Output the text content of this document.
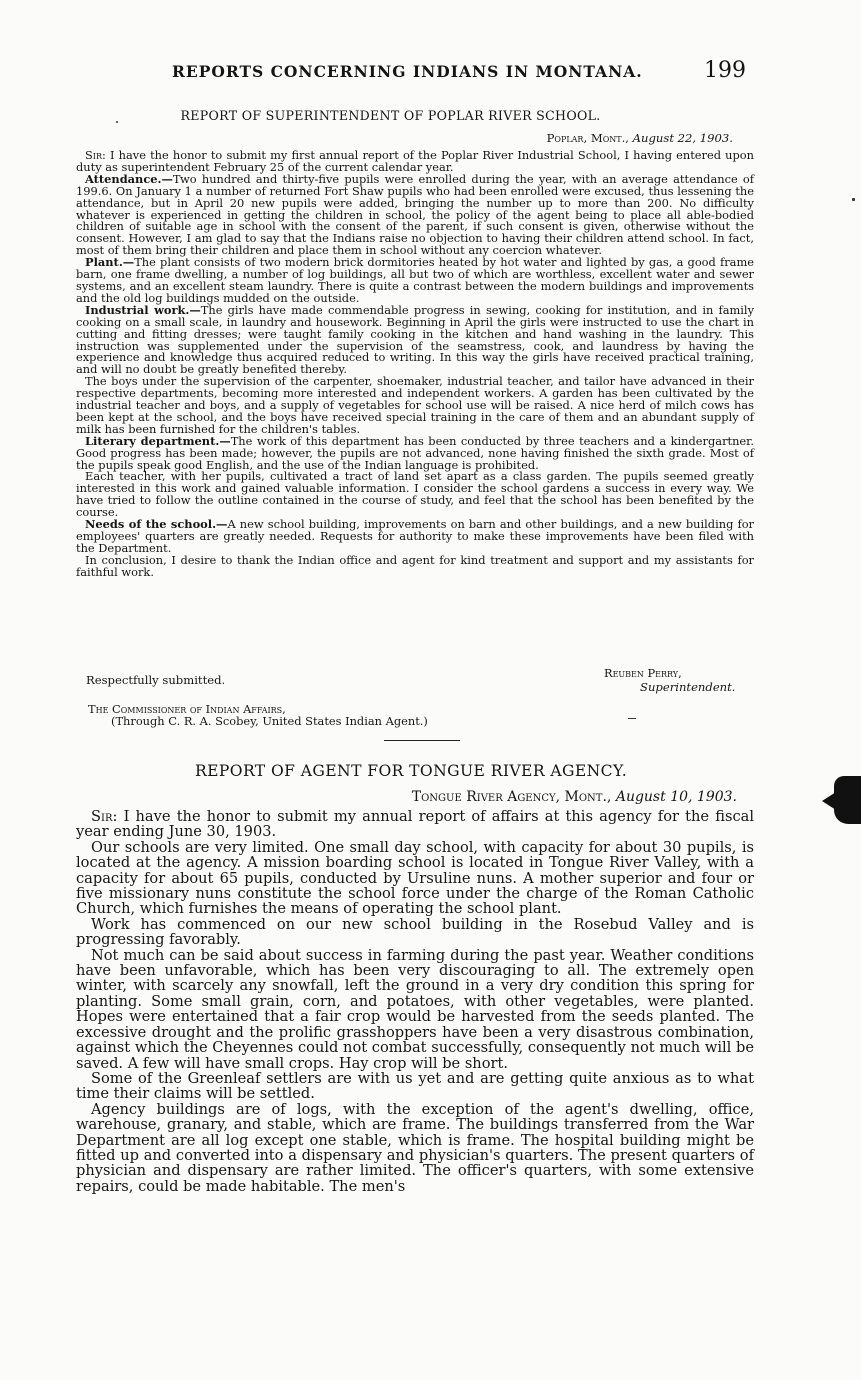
REPORTS CONCERNING INDIANS IN MONTANA.	199
REPORT OF SUPERINTENDENT OF POPLAR RIVER SCHOOL.
Poplar, Mont., August 22, 1903.

Sir: I have the honor to submit my first annual report of the Poplar River Industrial School, I having entered upon duty as superintendent February 25 of the current calendar year.

Attendance.—Two hundred and thirty-five pupils were enrolled during the year, with an average attendance of 199.6. On January 1 a number of returned Fort Shaw pupils who had been enrolled were excused, thus lessening the attendance, but in April 20 new pupils were added, bringing the number up to more than 200. No difficulty whatever is experienced in getting the children in school, the policy of the agent being to place all able-bodied children of suitable age in school with the consent of the parent, if such consent is given, otherwise without the consent. However, I am glad to say that the Indians raise no objection to having their children attend school. In fact, most of them bring their children and place them in school without any coercion whatever.

Plant.—The plant consists of two modern brick dormitories heated by hot water and lighted by gas, a good frame barn, one frame dwelling, a number of log buildings, all but two of which are worthless, excellent water and sewer systems, and an excellent steam laundry. There is quite a contrast between the modern buildings and improvements and the old log buildings mudded on the outside.

Industrial work.—The girls have made commendable progress in sewing, cooking for institution, and in family cooking on a small scale, in laundry and housework. Beginning in April the girls were instructed to use the chart in cutting and fitting dresses; were taught family cooking in the kitchen and hand washing in the laundry. This instruction was supplemented under the supervision of the seamstress, cook, and laundress by having the experience and knowledge thus acquired reduced to writing. In this way the girls have received practical training, and will no doubt be greatly benefited thereby.

The boys under the supervision of the carpenter, shoemaker, industrial teacher, and tailor have advanced in their respective departments, becoming more interested and independent workers. A garden has been cultivated by the industrial teacher and boys, and a supply of vegetables for school use will be raised. A nice herd of milch cows has been kept at the school, and the boys have received special training in the care of them and an abundant supply of milk has been furnished for the children's tables.

Literary department.—The work of this department has been conducted by three teachers and a kindergartner. Good progress has been made; however, the pupils are not advanced, none having finished the sixth grade. Most of the pupils speak good English, and the use of the Indian language is prohibited.

Each teacher, with her pupils, cultivated a tract of land set apart as a class garden. The pupils seemed greatly interested in this work and gained valuable information. I consider the school gardens a success in every way. We have tried to follow the outline contained in the course of study, and feel that the school has been benefited by the course.

Needs of the school.—A new school building, improvements on barn and other buildings, and a new building for employees' quarters are greatly needed. Requests for authority to make these improvements have been filed with the Department.

In conclusion, I desire to thank the Indian office and agent for kind treatment and support and my assistants for faithful work.

Respectfully submitted.	Reuben Perry,
Superintendent.
The Commissioner of Indian Affairs,
(Through C. R. A. Scobey, United States Indian Agent.)
REPORT OF AGENT FOR TONGUE RIVER AGENCY.
Tongue River Agency, Mont., August 10, 1903.

Sir: I have the honor to submit my annual report of affairs at this agency for the fiscal year ending June 30, 1903.

Our schools are very limited. One small day school, with capacity for about 30 pupils, is located at the agency. A mission boarding school is located in Tongue River Valley, with a capacity for about 65 pupils, conducted by Ursuline nuns. A mother superior and four or five missionary nuns constitute the school force under the charge of the Roman Catholic Church, which furnishes the means of operating the school plant.

Work has commenced on our new school building in the Rosebud Valley and is progressing favorably.

Not much can be said about success in farming during the past year. Weather conditions have been unfavorable, which has been very discouraging to all. The extremely open winter, with scarcely any snowfall, left the ground in a very dry condition this spring for planting. Some small grain, corn, and potatoes, with other vegetables, were planted. Hopes were entertained that a fair crop would be harvested from the seeds planted. The excessive drought and the prolific grasshoppers have been a very disastrous combination, against which the Cheyennes could not combat successfully, consequently not much will be saved. A few will have small crops. Hay crop will be short.

Some of the Greenleaf settlers are with us yet and are getting quite anxious as to what time their claims will be settled.

Agency buildings are of logs, with the exception of the agent's dwelling, office, warehouse, granary, and stable, which are frame. The buildings transferred from the War Department are all log except one stable, which is frame. The hospital building might be fitted up and converted into a dispensary and physician's quarters. The present quarters of physician and dispensary are rather limited. The officer's quarters, with some extensive repairs, could be made habitable. The men's
